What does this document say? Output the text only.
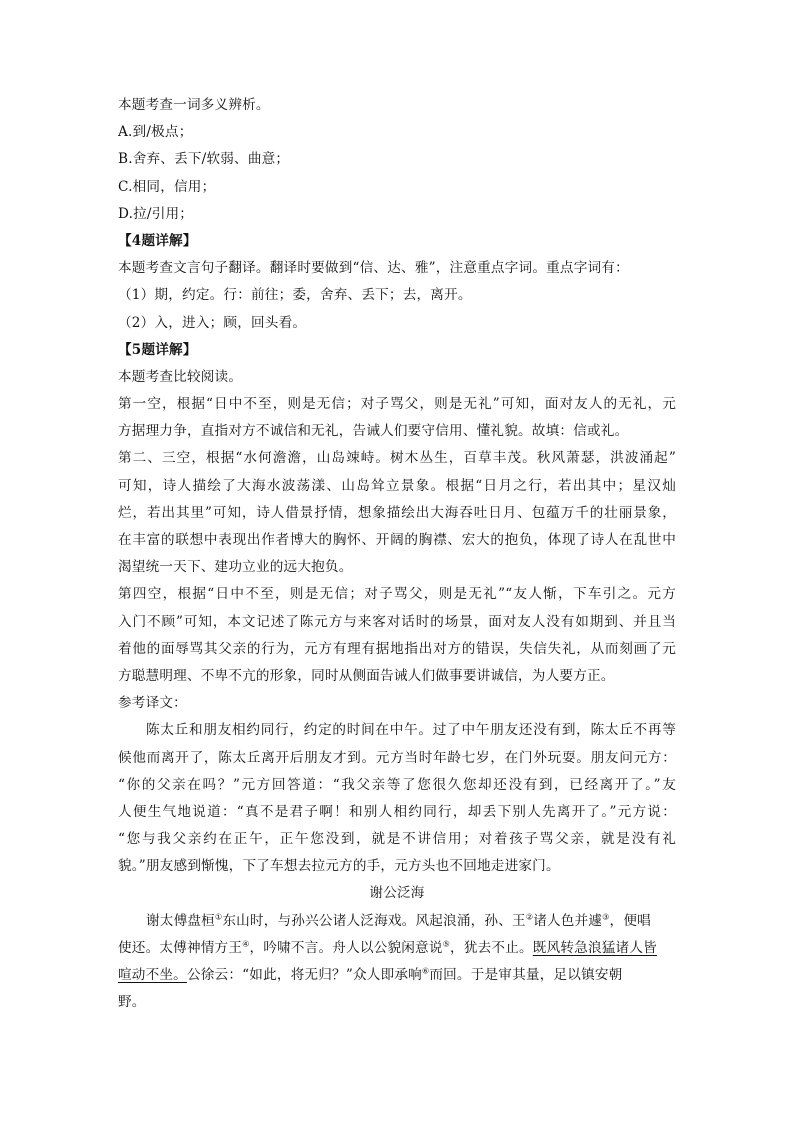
本题考查一词多义辨析。
A.到/极点；
B.舍弃、丢下/软弱、曲意；
C.相同，信用；
D.拉/引用；
【4题详解】
本题考查文言句子翻译。翻译时要做到“信、达、雅”，注意重点字词。重点字词有：
（1）期，约定。行：前往；委，舍弃、丢下；去，离开。
（2）入，进入；顾，回头看。
【5题详解】
本题考查比较阅读。
第一空，根据“日中不至，则是无信；对子骂父，则是无礼”可知，面对友人的无礼，元
方据理力争，直指对方不诚信和无礼，告诫人们要守信用、懂礼貌。故填：信或礼。
第二、三空，根据“水何澹澹，山岛竦峙。树木丛生，百草丰茂。秋风萧瑟，洪波涌起”
可知，诗人描绘了大海水波荡漾、山岛耸立景象。根据“日月之行，若出其中；星汉灿
烂，若出其里”可知，诗人借景抒情，想象描绘出大海吞吐日月、包蕴万千的壮丽景象，
在丰富的联想中表现出作者博大的胸怀、开阔的胸襟、宏大的抱负，体现了诗人在乱世中
渴望统一天下、建功立业的远大抱负。
第四空，根据“日中不至，则是无信；对子骂父，则是无礼”“友人惭，下车引之。元方
入门不顾”可知，本文记述了陈元方与来客对话时的场景，面对友人没有如期到、并且当
着他的面辱骂其父亲的行为，元方有理有据地指出对方的错误，失信失礼，从而刻画了元
方聪慧明理、不卑不亢的形象，同时从侧面告诫人们做事要讲诚信，为人要方正。
参考译文：
陈太丘和朋友相约同行，约定的时间在中午。过了中午朋友还没有到，陈太丘不再等
候他而离开了，陈太丘离开后朋友才到。元方当时年龄七岁，在门外玩耍。朋友问元方：
“你的父亲在吗？”元方回答道：“我父亲等了您很久您却还没有到，已经离开了。”友
人便生气地说道：“真不是君子啊！和别人相约同行，却丢下别人先离开了。”元方说：
“您与我父亲约在正午，正午您没到，就是不讲信用；对着孩子骂父亲，就是没有礼
貌。”朋友感到惭愧，下了车想去拉元方的手，元方头也不回地走进家门。
谢公泛海
谢太傅盘桓①东山时，与孙兴公诸人泛海戏。风起浪涌，孙、王②诸人色并遽③，便唱
使还。太傅神情方王④，吟啸不言。舟人以公貌闲意说⑤，犹去不止。既风转急浪猛诸人皆
喧动不坐。公徐云：“如此，将无归？”众人即承响⑥而回。于是审其量，足以镇安朝
野。
